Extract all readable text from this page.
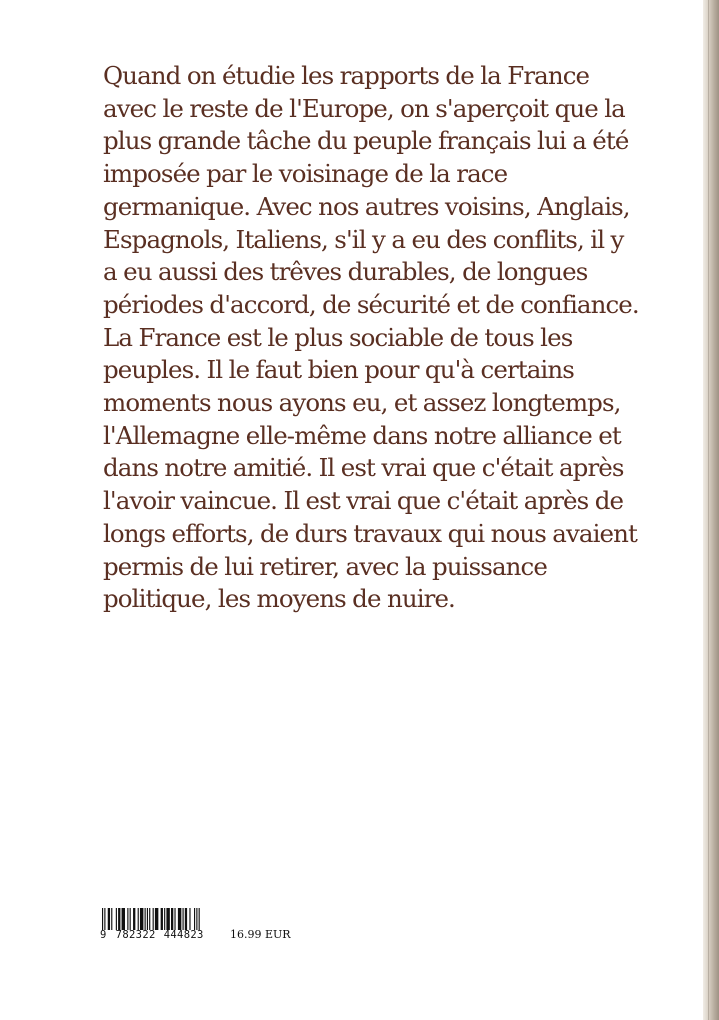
Quand on étudie les rapports de la France
avec le reste de l'Europe, on s'aperçoit que la
plus grande tâche du peuple français lui a été
imposée par le voisinage de la race
germanique. Avec nos autres voisins, Anglais,
Espagnols, Italiens, s'il y a eu des conflits, il y
a eu aussi des trêves durables, de longues
périodes d'accord, de sécurité et de confiance.
La France est le plus sociable de tous les
peuples. Il le faut bien pour qu'à certains
moments nous ayons eu, et assez longtemps,
l'Allemagne elle-même dans notre alliance et
dans notre amitié. Il est vrai que c'était après
l'avoir vaincue. Il est vrai que c'était après de
longs efforts, de durs travaux qui nous avaient
permis de lui retirer, avec la puissance
politique, les moyens de nuire.

9 782322 444823 16.99 EUR
